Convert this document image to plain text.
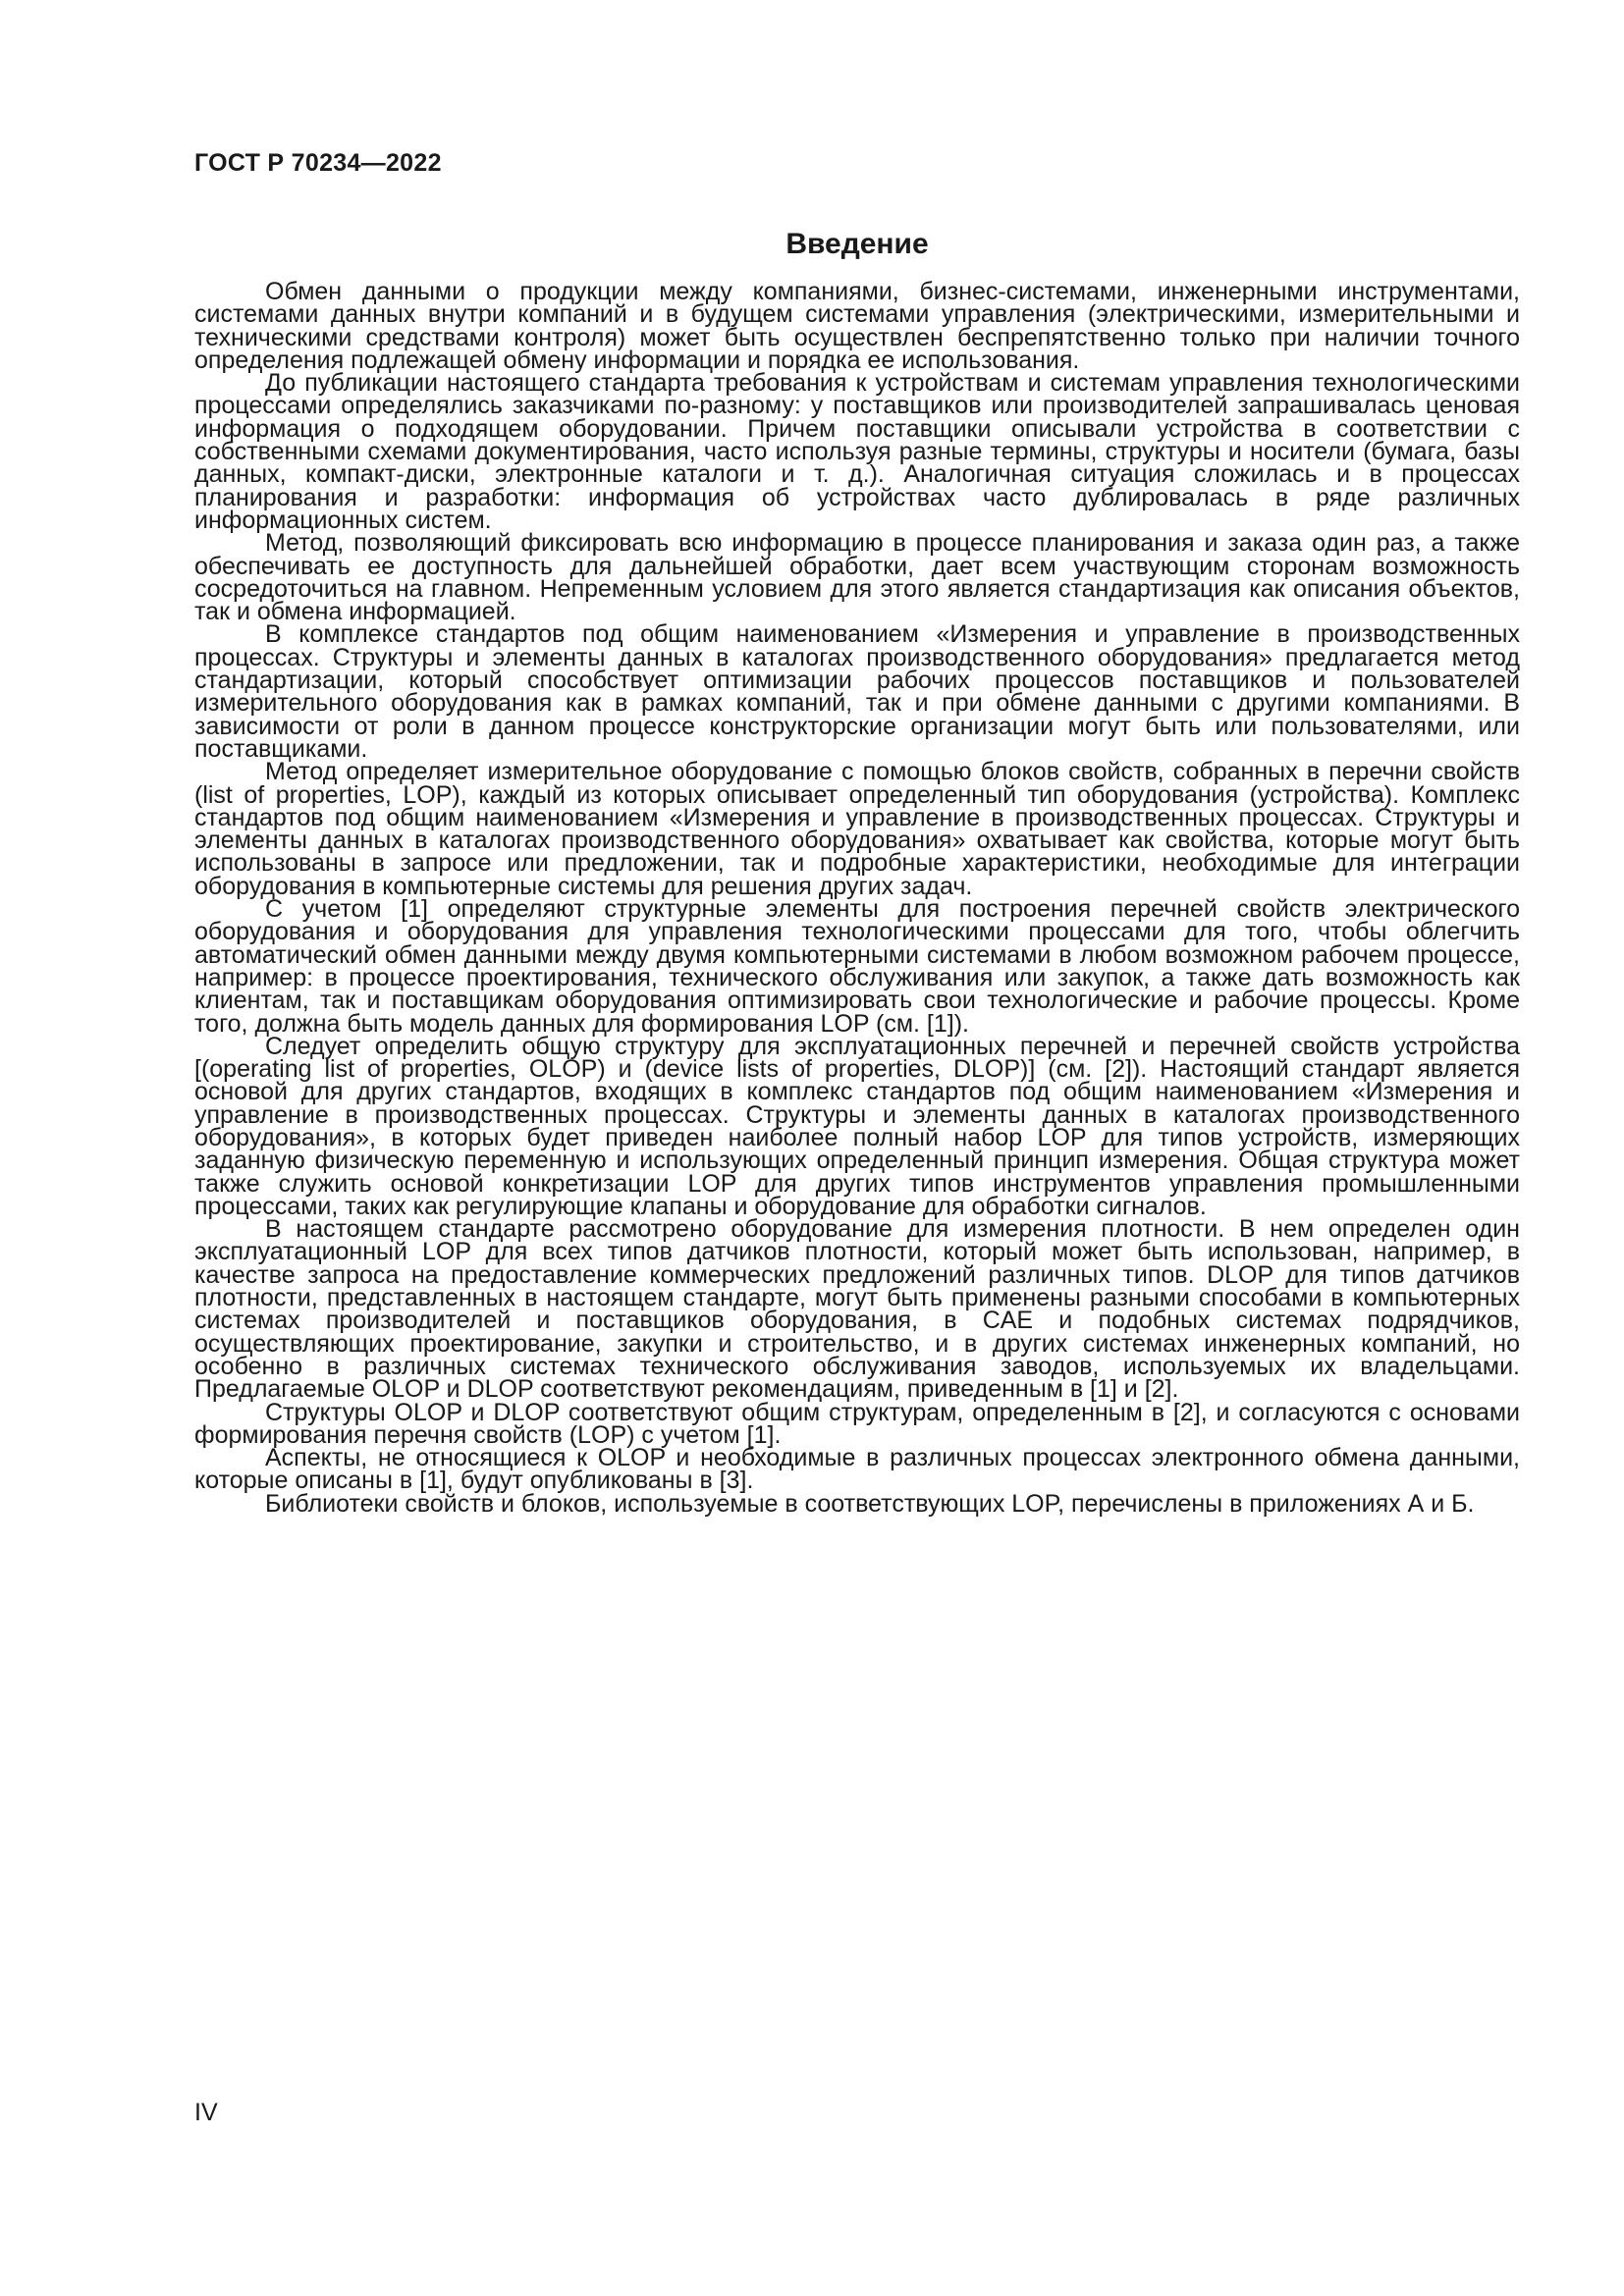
ГОСТ Р 70234—2022
Введение

Обмен данными о продукции между компаниями, бизнес-системами, инженерными инструментами, системами данных внутри компаний и в будущем системами управления (электрическими, измерительными и техническими средствами контроля) может быть осуществлен беспрепятственно только при наличии точного определения подлежащей обмену информации и порядка ее использования.

До публикации настоящего стандарта требования к устройствам и системам управления технологическими процессами определялись заказчиками по-разному: у поставщиков или производителей запрашивалась ценовая информация о подходящем оборудовании. Причем поставщики описывали устройства в соответствии с собственными схемами документирования, часто используя разные термины, структуры и носители (бумага, базы данных, компакт-диски, электронные каталоги и т. д.). Аналогичная ситуация сложилась и в процессах планирования и разработки: информация об устройствах часто дублировалась в ряде различных информационных систем.

Метод, позволяющий фиксировать всю информацию в процессе планирования и заказа один раз, а также обеспечивать ее доступность для дальнейшей обработки, дает всем участвующим сторонам возможность сосредоточиться на главном. Непременным условием для этого является стандартизация как описания объектов, так и обмена информацией.

В комплексе стандартов под общим наименованием «Измерения и управление в производственных процессах. Структуры и элементы данных в каталогах производственного оборудования» предлагается метод стандартизации, который способствует оптимизации рабочих процессов поставщиков и пользователей измерительного оборудования как в рамках компаний, так и при обмене данными с другими компаниями. В зависимости от роли в данном процессе конструкторские организации могут быть или пользователями, или поставщиками.

Метод определяет измерительное оборудование с помощью блоков свойств, собранных в перечни свойств (list of properties, LOP), каждый из которых описывает определенный тип оборудования (устройства). Комплекс стандартов под общим наименованием «Измерения и управление в производственных процессах. Структуры и элементы данных в каталогах производственного оборудования» охватывает как свойства, которые могут быть использованы в запросе или предложении, так и подробные характеристики, необходимые для интеграции оборудования в компьютерные системы для решения других задач.

С учетом [1] определяют структурные элементы для построения перечней свойств электрического оборудования и оборудования для управления технологическими процессами для того, чтобы облегчить автоматический обмен данными между двумя компьютерными системами в любом возможном рабочем процессе, например: в процессе проектирования, технического обслуживания или закупок, а также дать возможность как клиентам, так и поставщикам оборудования оптимизировать свои технологические и рабочие процессы. Кроме того, должна быть модель данных для формирования LOP (см. [1]).

Следует определить общую структуру для эксплуатационных перечней и перечней свойств устройства [(operating list of properties, OLOP) и (device lists of properties, DLOP)] (см. [2]). Настоящий стандарт является основой для других стандартов, входящих в комплекс стандартов под общим наименованием «Измерения и управление в производственных процессах. Структуры и элементы данных в каталогах производственного оборудования», в которых будет приведен наиболее полный набор LOP для типов устройств, измеряющих заданную физическую переменную и использующих определенный принцип измерения. Общая структура может также служить основой конкретизации LOP для других типов инструментов управления промышленными процессами, таких как регулирующие клапаны и оборудование для обработки сигналов.

В настоящем стандарте рассмотрено оборудование для измерения плотности. В нем определен один эксплуатационный LOP для всех типов датчиков плотности, который может быть использован, например, в качестве запроса на предоставление коммерческих предложений различных типов. DLOP для типов датчиков плотности, представленных в настоящем стандарте, могут быть применены разными способами в компьютерных системах производителей и поставщиков оборудования, в CAE и подобных системах подрядчиков, осуществляющих проектирование, закупки и строительство, и в других системах инженерных компаний, но особенно в различных системах технического обслуживания заводов, используемых их владельцами. Предлагаемые OLOP и DLOP соответствуют рекомендациям, приведенным в [1] и [2].

Структуры OLOP и DLOP соответствуют общим структурам, определенным в [2], и согласуются с основами формирования перечня свойств (LOP) с учетом [1].

Аспекты, не относящиеся к OLOP и необходимые в различных процессах электронного обмена данными, которые описаны в [1], будут опубликованы в [3].

Библиотеки свойств и блоков, используемые в соответствующих LOP, перечислены в приложениях А и Б.

IV
